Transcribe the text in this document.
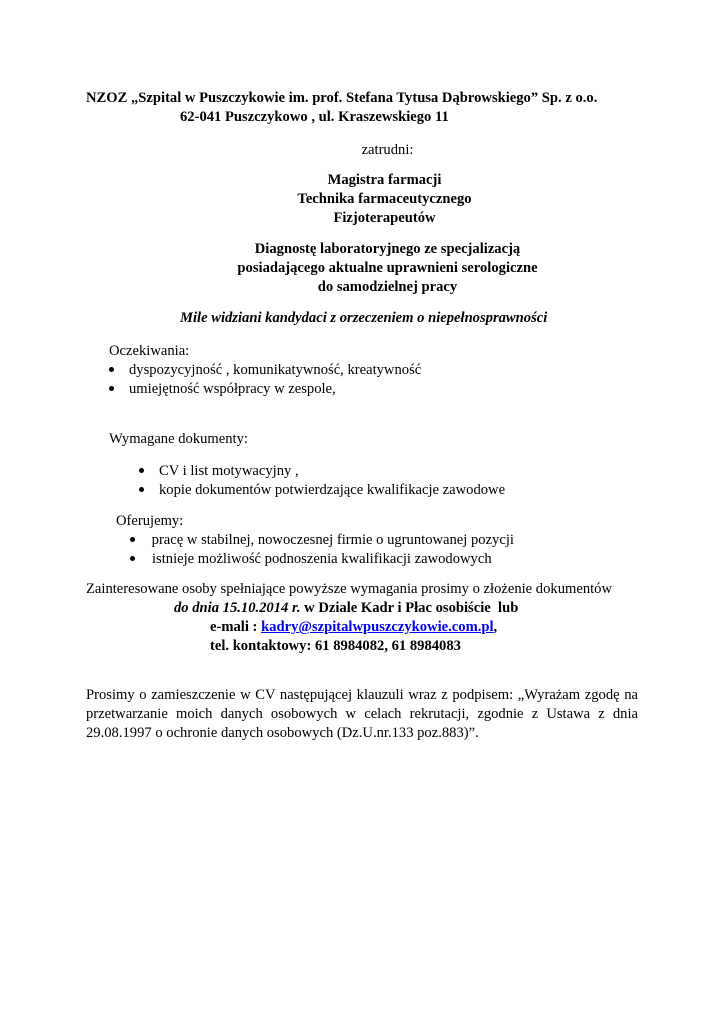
NZOZ „Szpital w Puszczykowie im. prof. Stefana Tytusa Dąbrowskiego” Sp. z o.o.
62-041 Puszczykowo , ul. Kraszewskiego 11
zatrudni:
Magistra farmacji
Technika farmaceutycznego
Fizjoterapeutów
Diagnostę laboratoryjnego ze specjalizacją
posiadającego aktualne uprawnieni serologiczne
do samodzielnej pracy
Mile widziani kandydaci z orzeczeniem o niepełnosprawności
Oczekiwania:
dyspozycyjność , komunikatywność, kreatywność
umiejętność współpracy w zespole,
Wymagane dokumenty:
CV i list motywacyjny ,
kopie dokumentów potwierdzające kwalifikacje zawodowe
Oferujemy:
pracę w stabilnej, nowoczesnej firmie o ugruntowanej pozycji
istnieje możliwość podnoszenia kwalifikacji zawodowych
Zainteresowane osoby spełniające powyższe wymagania prosimy o złożenie dokumentów
do dnia 15.10.2014 r. w Dziale Kadr i Płac osobiście  lub
e-mali : kadry@szpitalwpuszczykowie.com.pl,
tel. kontaktowy: 61 8984082, 61 8984083
Prosimy o zamieszczenie w CV następującej klauzuli wraz z podpisem: „Wyrażam zgodę na przetwarzanie moich danych osobowych w celach rekrutacji, zgodnie z Ustawa z dnia 29.08.1997 o ochronie danych osobowych (Dz.U.nr.133 poz.883)”.
